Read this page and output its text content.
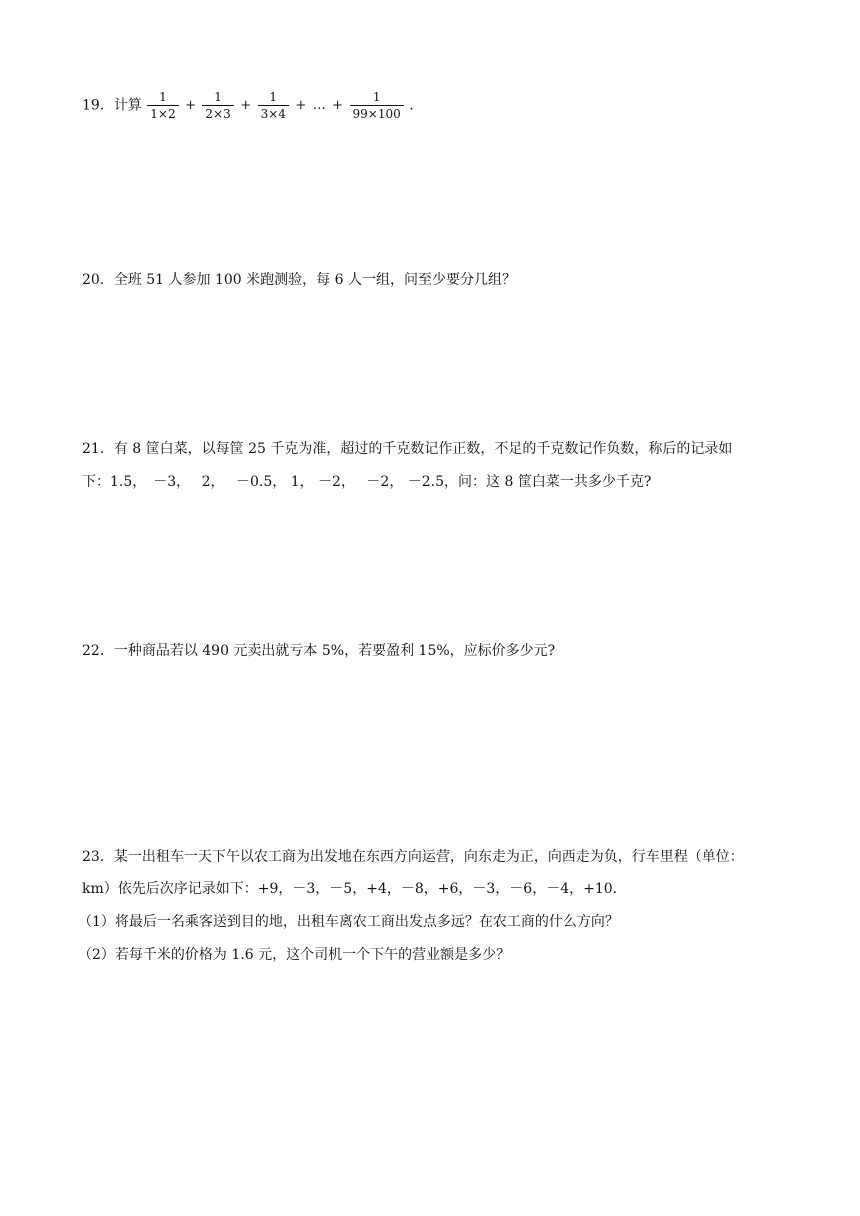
19．计算 $\frac{1}{1\times 2} + \frac{1}{2\times 3} + \frac{1}{3\times 4}$ + … + $\frac{1}{99\times 100}$ ．
20．全班 51 人参加 100 米跑测验，每 6 人一组，问至少要分几组？
21．有 8 筐白菜，以每筐 25 千克为准，超过的千克数记作正数，不足的千克数记作负数，称后的记录如
下：1.5，　－3，　 2，　 －0.5， 1， －2，　 －2， －2.5，问：这 8 筐白菜一共多少千克?
22．一种商品若以 490 元卖出就亏本 5%，若要盈利 15%，应标价多少元?
23．某一出租车一天下午以农工商为出发地在东西方向运营，向东走为正，向西走为负，行车里程（单位：
km）依先后次序记录如下：+9，－3，－5，+4，－8，+6，－3，－6，－4，+10．
（1）将最后一名乘客送到目的地，出租车离农工商出发点多远？在农工商的什么方向？
（2）若每千米的价格为 1.6 元，这个司机一个下午的营业额是多少？
